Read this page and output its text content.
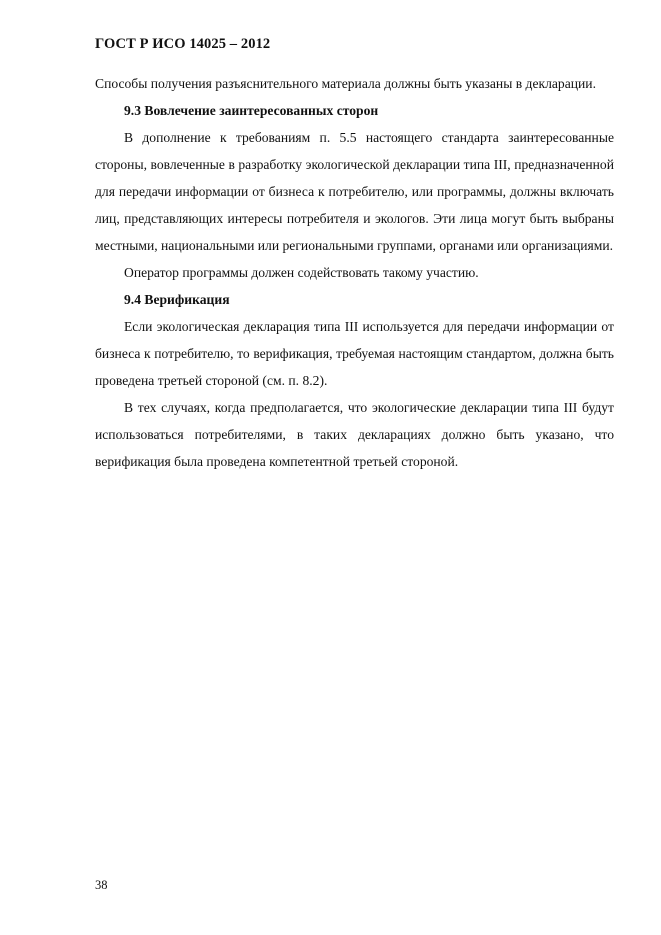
ГОСТ Р ИСО 14025 – 2012

Способы получения разъяснительного материала должны быть указаны в декларации.

9.3 Вовлечение заинтересованных сторон

В дополнение к требованиям п. 5.5 настоящего стандарта заинтересованные стороны, вовлеченные в разработку экологической декларации типа III, предназначенной для передачи информации от бизнеса к потребителю, или программы, должны включать лиц, представляющих интересы потребителя и экологов. Эти лица могут быть выбраны местными, национальными или региональными группами, органами или организациями.

Оператор программы должен содействовать такому участию.

9.4 Верификация

Если экологическая декларация типа III используется для передачи информации от бизнеса к потребителю, то верификация, требуемая настоящим стандартом, должна быть проведена третьей стороной (см. п. 8.2).

В тех случаях, когда предполагается, что экологические декларации типа III будут использоваться потребителями, в таких декларациях должно быть указано, что верификация была проведена компетентной третьей стороной.

38
